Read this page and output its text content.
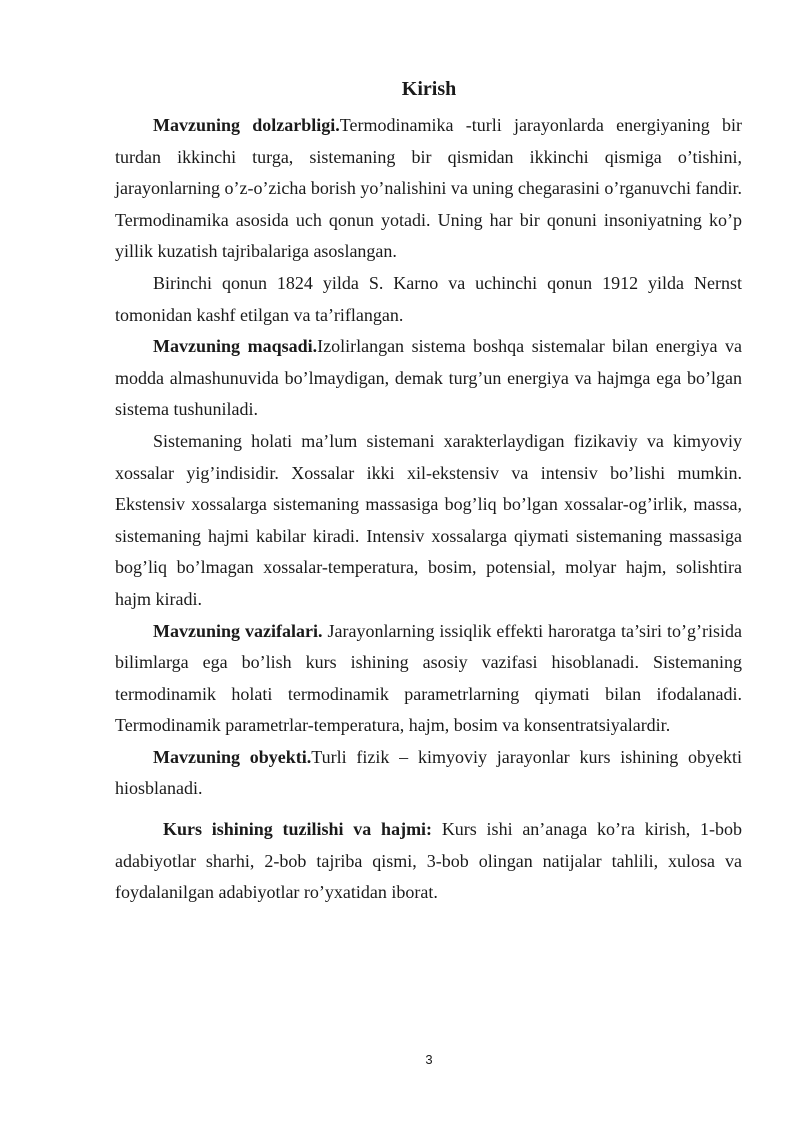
Kirish

Mavzuning dolzarbligi.Termodinamika -turli jarayonlarda energiyaning bir turdan ikkinchi turga, sistemaning bir qismidan ikkinchi qismiga o’tishini, jarayonlarning o’z-o’zicha borish yo’nalishini va uning chegarasini o’rganuvchi fandir. Termodinamika asosida uch qonun yotadi. Uning har bir qonuni insoniyatning ko’p yillik kuzatish tajribalariga asoslangan.

Birinchi qonun 1824 yilda S. Karno va uchinchi qonun 1912 yilda Nernst tomonidan kashf etilgan va ta’riflangan.

Mavzuning maqsadi.Izolirlangan sistema boshqa sistemalar bilan energiya va modda almashunuvida bo’lmaydigan, demak turg’un energiya va hajmga ega bo’lgan sistema tushuniladi.

Sistemaning holati ma’lum sistemani xarakterlaydigan fizikaviy va kimyoviy xossalar yig’indisidir. Xossalar ikki xil-ekstensiv va intensiv bo’lishi mumkin. Ekstensiv xossalarga sistemaning massasiga bog’liq bo’lgan xossalar-og’irlik, massa, sistemaning hajmi kabilar kiradi. Intensiv xossalarga qiymati sistemaning massasiga bog’liq bo’lmagan xossalar-temperatura, bosim, potensial, molyar hajm, solishtira hajm kiradi.

Mavzuning vazifalari. Jarayonlarning issiqlik effekti haroratga ta’siri to’g’risida bilimlarga ega bo’lish kurs ishining asosiy vazifasi hisoblanadi. Sistemaning termodinamik holati termodinamik parametrlarning qiymati bilan ifodalanadi. Termodinamik parametrlar-temperatura, hajm, bosim va konsentratsiyalardir.

Mavzuning obyekti.Turli fizik – kimyoviy jarayonlar kurs ishining obyekti hiosblanadi.

Kurs ishining tuzilishi va hajmi: Kurs ishi an’anaga ko’ra kirish, 1-bob adabiyotlar sharhi, 2-bob tajriba qismi, 3-bob olingan natijalar tahlili, xulosa va foydalanilgan adabiyotlar ro’yxatidan iborat.

3
